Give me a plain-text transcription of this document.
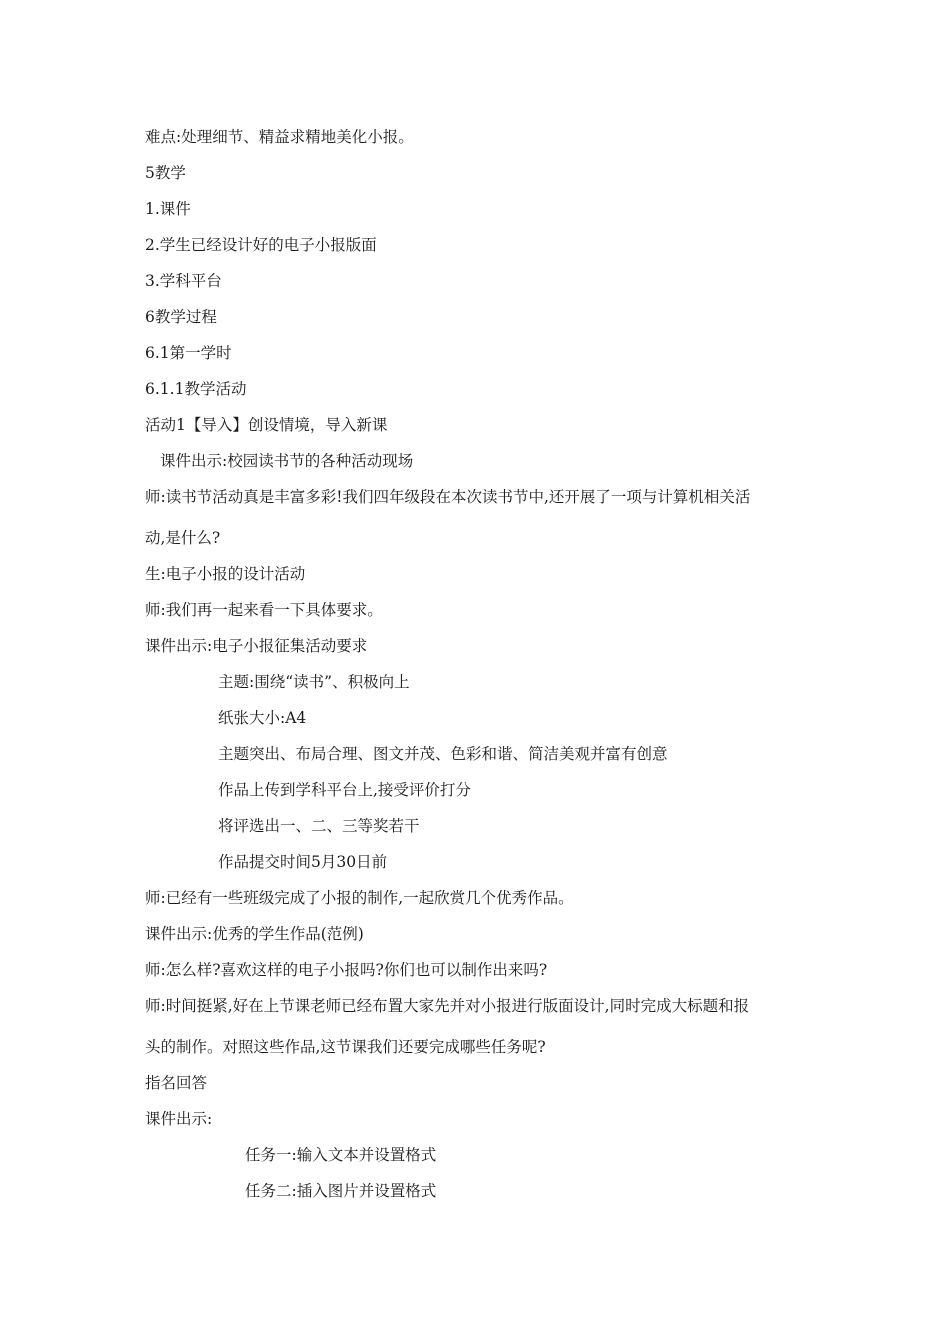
难点:处理细节、精益求精地美化小报。
5教学
1.课件
2.学生已经设计好的电子小报版面
3.学科平台
6教学过程
6.1第一学时
6.1.1教学活动
活动1【导入】创设情境，导入新课
课件出示:校园读书节的各种活动现场
师:读书节活动真是丰富多彩!我们四年级段在本次读书节中,还开展了一项与计算机相关活
动,是什么?
生:电子小报的设计活动
师:我们再一起来看一下具体要求。
课件出示:电子小报征集活动要求
主题:围绕“读书”、积极向上
纸张大小:A4
主题突出、布局合理、图文并茂、色彩和谐、简洁美观并富有创意
作品上传到学科平台上,接受评价打分
将评选出一、二、三等奖若干
作品提交时间5月30日前
师:已经有一些班级完成了小报的制作,一起欣赏几个优秀作品。
课件出示:优秀的学生作品(范例)
师:怎么样?喜欢这样的电子小报吗?你们也可以制作出来吗?
师:时间挺紧,好在上节课老师已经布置大家先并对小报进行版面设计,同时完成大标题和报
头的制作。对照这些作品,这节课我们还要完成哪些任务呢?
指名回答
课件出示:
任务一:输入文本并设置格式
任务二:插入图片并设置格式
